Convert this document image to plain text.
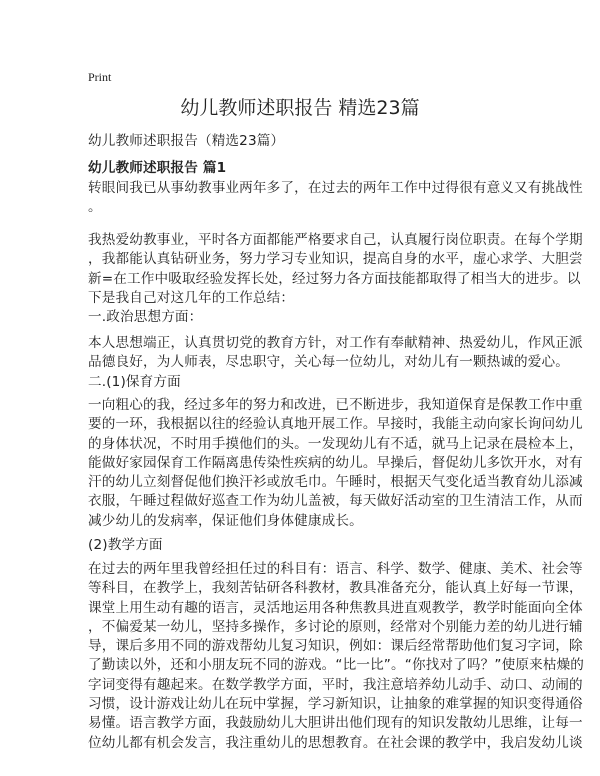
Print
幼儿教师述职报告 精选23篇
幼儿教师述职报告（精选23篇）
幼儿教师述职报告 篇1
转眼间我已从事幼教事业两年多了，在过去的两年工作中过得很有意义又有挑战性
。
我热爱幼教事业，平时各方面都能严格要求自己，认真履行岗位职责。在每个学期
，我都能认真钻研业务，努力学习专业知识，提高自身的水平，虚心求学、大胆尝
新=在工作中吸取经验发挥长处，经过努力各方面技能都取得了相当大的进步。以
下是我自己对这几年的工作总结：
一.政治思想方面：
本人思想端正，认真贯切党的教育方针，对工作有奉献精神、热爱幼儿，作风正派
品德良好，为人师表，尽忠职守，关心每一位幼儿，对幼儿有一颗热诚的爱心。
二.(1)保育方面
一向粗心的我，经过多年的努力和改进，已不断进步，我知道保育是保教工作中重
要的一环，我根据以往的经验认真地开展工作。早接时，我能主动向家长询问幼儿
的身体状况，不时用手摸他们的头。一发现幼儿有不适，就马上记录在晨检本上，
能做好家园保育工作隔离患传染性疾病的幼儿。早操后，督促幼儿多饮开水，对有
汗的幼儿立刻督促他们换汗衫或放毛巾。午睡时，根据天气变化适当教育幼儿添减
衣服，午睡过程做好巡查工作为幼儿盖被，每天做好活动室的卫生清洁工作，从而
减少幼儿的发病率，保证他们身体健康成长。
(2)教学方面
在过去的两年里我曾经担任过的科目有：语言、科学、数学、健康、美术、社会等
等科目，在教学上，我刻苦钻研各科教材，教具准备充分，能认真上好每一节课，
课堂上用生动有趣的语言，灵活地运用各种焦教具进直观教学，教学时能面向全体
，不偏爱某一幼儿，坚持多操作，多讨论的原则，经常对个别能力差的幼儿进行辅
导，课后多用不同的游戏帮幼儿复习知识，例如：课后经常帮助他们复习字词，除
了勤读以外，还和小朋友玩不同的游戏。“比一比”。“你找对了吗？”使原来枯燥的
字词变得有趣起来。在数学教学方面，平时，我注意培养幼儿动手、动口、动闹的
习惯，设计游戏让幼儿在玩中掌握，学习新知识，让抽象的难掌握的知识变得通俗
易懂。语言教学方面，我鼓励幼儿大胆讲出他们现有的知识发散幼儿思维，让每一
位幼儿都有机会发言，我注重幼儿的思想教育。在社会课的教学中，我启发幼儿谈
